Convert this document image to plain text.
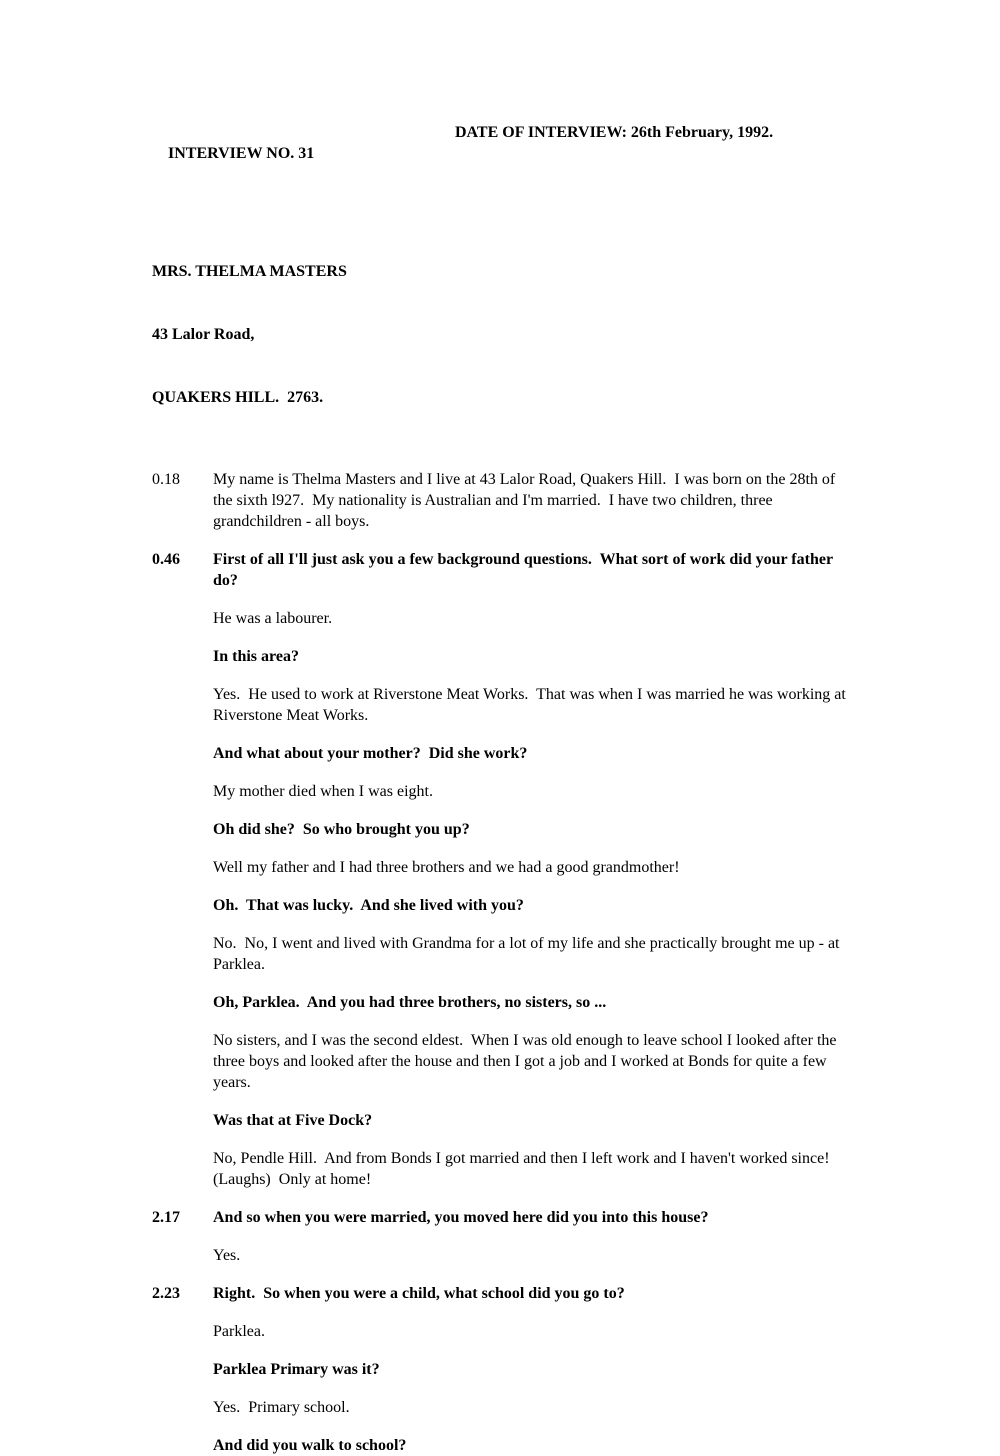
INTERVIEW NO. 31

DATE OF INTERVIEW: 26th February, 1992.

MRS. THELMA MASTERS

43 Lalor Road,

QUAKERS HILL.  2763.

0.18 My name is Thelma Masters and I live at 43 Lalor Road, Quakers Hill.  I was born on the 28th of the sixth l927.  My nationality is Australian and I'm married.  I have two children, three grandchildren - all boys.
0.46 First of all I'll just ask you a few background questions.  What sort of work did your father do?
He was a labourer.
In this area?
Yes.  He used to work at Riverstone Meat Works.  That was when I was married he was working at Riverstone Meat Works.
And what about your mother?  Did she work?
My mother died when I was eight.
Oh did she?  So who brought you up?
Well my father and I had three brothers and we had a good grandmother!
Oh.  That was lucky.  And she lived with you?
No.  No, I went and lived with Grandma for a lot of my life and she practically brought me up - at Parklea.
Oh, Parklea.  And you had three brothers, no sisters, so ...
No sisters, and I was the second eldest.  When I was old enough to leave school I looked after the three boys and looked after the house and then I got a job and I worked at Bonds for quite a few years.
Was that at Five Dock?
No, Pendle Hill.  And from Bonds I got married and then I left work and I haven't worked since!  (Laughs)  Only at home!
2.17 And so when you were married, you moved here did you into this house?
Yes.
2.23 Right.  So when you were a child, what school did you go to?
Parklea.
Parklea Primary was it?
Yes.  Primary school.
And did you walk to school?
